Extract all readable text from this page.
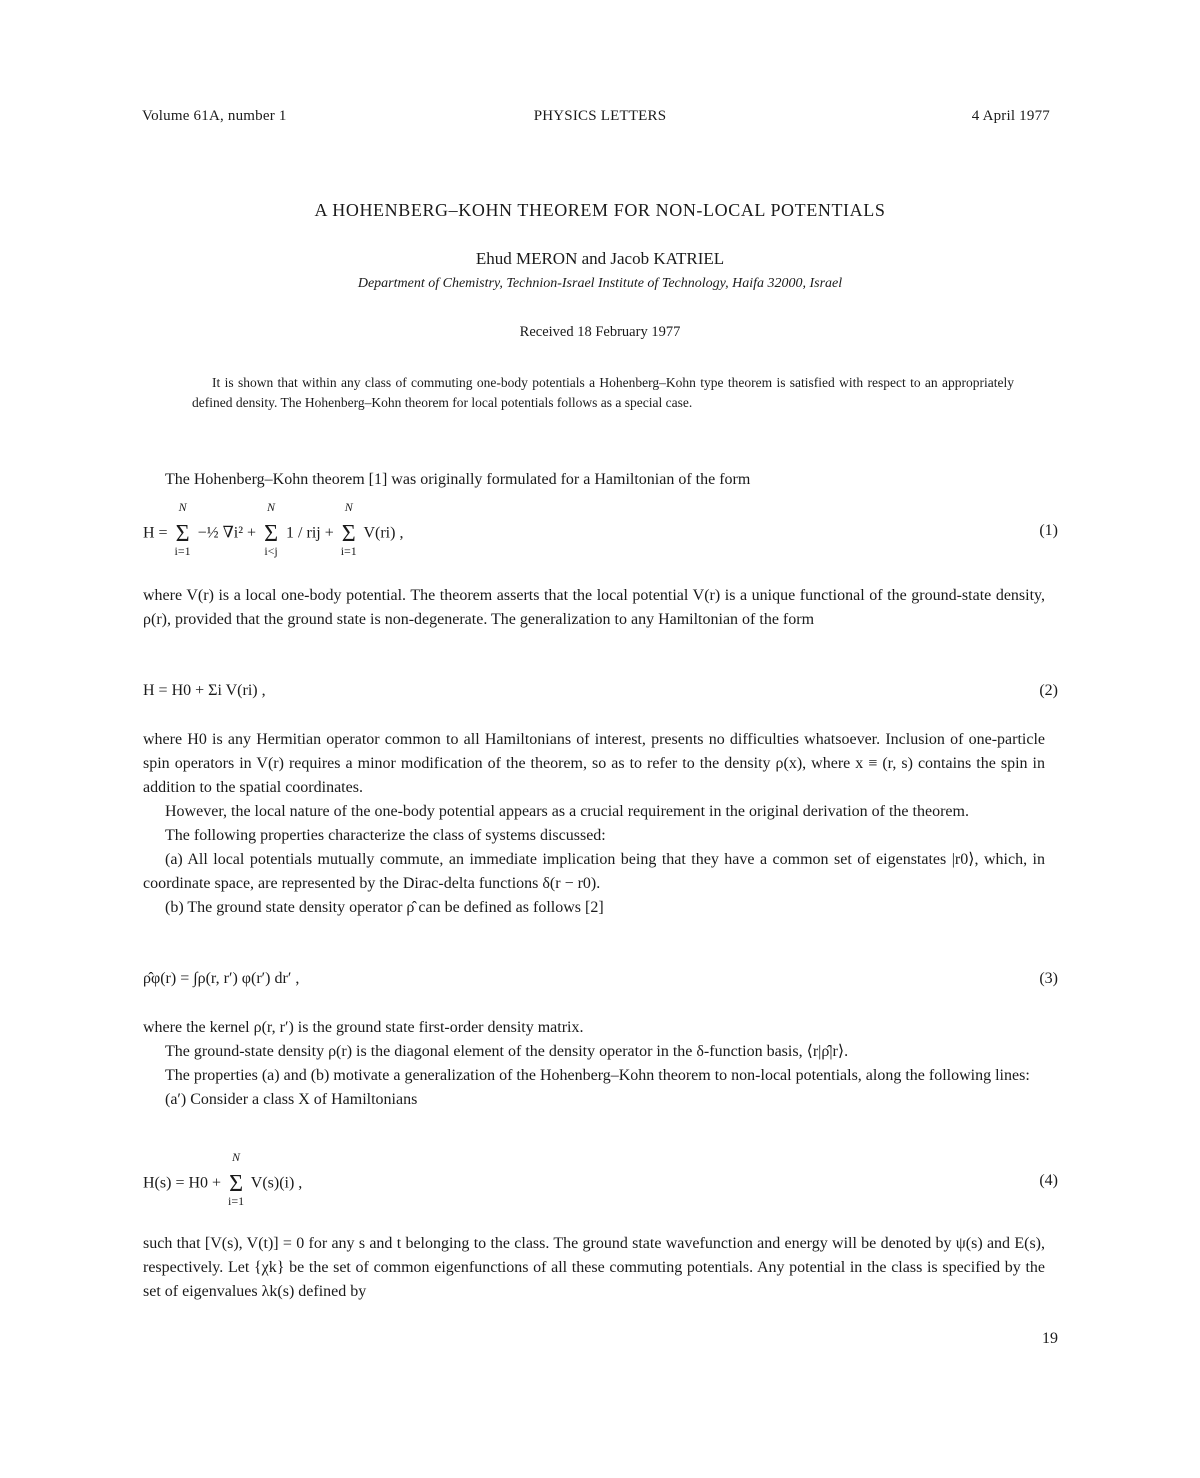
Volume 61A, number 1	PHYSICS LETTERS	4 April 1977
A HOHENBERG–KOHN THEOREM FOR NON-LOCAL POTENTIALS
Ehud MERON and Jacob KATRIEL
Department of Chemistry, Technion-Israel Institute of Technology, Haifa 32000, Israel
Received 18 February 1977
It is shown that within any class of commuting one-body potentials a Hohenberg–Kohn type theorem is satisfied with respect to an appropriately defined density. The Hohenberg–Kohn theorem for local potentials follows as a special case.

The Hohenberg–Kohn theorem [1] was originally formulated for a Hamiltonian of the form

H =
N
Σ
i=1
−½ ∇i² +
N
Σ
i<j
1 / rij +
N
Σ
i=1
V(ri) ,	(1)

where V(r) is a local one-body potential. The theorem asserts that the local potential V(r) is a unique functional of the ground-state density, ρ(r), provided that the ground state is non-degenerate. The generalization to any Hamiltonian of the form

H = H0 + Σi V(ri) ,	(2)

where H0 is any Hermitian operator common to all Hamiltonians of interest, presents no difficulties whatsoever. Inclusion of one-particle spin operators in V(r) requires a minor modification of the theorem, so as to refer to the density ρ(x), where x ≡ (r, s) contains the spin in addition to the spatial coordinates.

However, the local nature of the one-body potential appears as a crucial requirement in the original derivation of the theorem.

The following properties characterize the class of systems discussed:

(a) All local potentials mutually commute, an immediate implication being that they have a common set of eigenstates |r0⟩, which, in coordinate space, are represented by the Dirac-delta functions δ(r − r0).

(b) The ground state density operator ρ̂ can be defined as follows [2]

ρ̂φ(r) = ∫ρ(r, r′) φ(r′) dr′ ,	(3)

where the kernel ρ(r, r′) is the ground state first-order density matrix.

The ground-state density ρ(r) is the diagonal element of the density operator in the δ-function basis, ⟨r|ρ̂|r⟩.

The properties (a) and (b) motivate a generalization of the Hohenberg–Kohn theorem to non-local potentials, along the following lines:

(a′) Consider a class X of Hamiltonians

H(s) = H0 +
N
Σ
i=1
V(s)(i) ,	(4)

such that [V(s), V(t)] = 0 for any s and t belonging to the class. The ground state wavefunction and energy will be denoted by ψ(s) and E(s), respectively. Let {χk} be the set of common eigenfunctions of all these commuting potentials. Any potential in the class is specified by the set of eigenvalues λk(s) defined by

19
